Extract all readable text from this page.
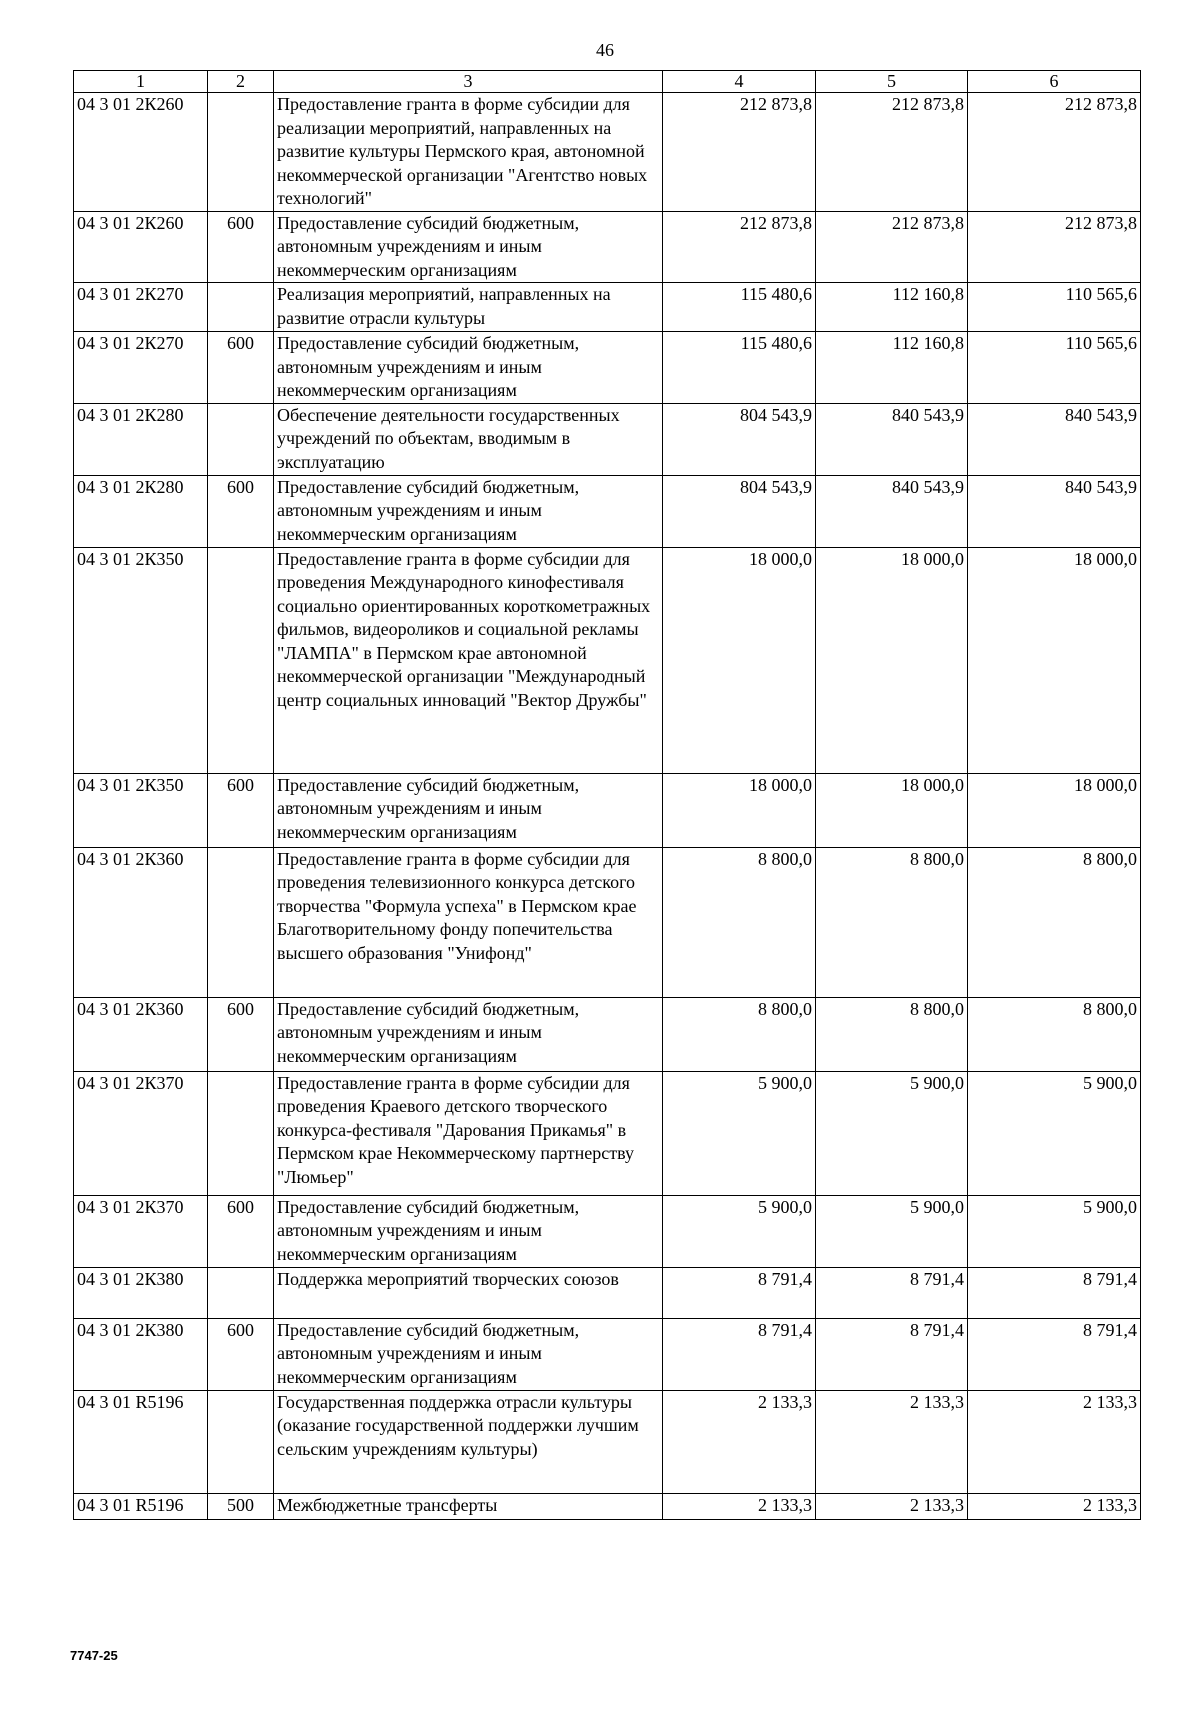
46
1	2	3	4	5	6
04 3 01 2К260		Предоставление гранта в форме субсидии для реализации мероприятий, направленных на развитие культуры Пермского края, автономной некоммерческой организации "Агентство новых технологий"	212 873,8	212 873,8	212 873,8
04 3 01 2К260	600	Предоставление субсидий бюджетным, автономным учреждениям и иным некоммерческим организациям	212 873,8	212 873,8	212 873,8
04 3 01 2К270		Реализация мероприятий, направленных на развитие отрасли культуры	115 480,6	112 160,8	110 565,6
04 3 01 2К270	600	Предоставление субсидий бюджетным, автономным учреждениям и иным некоммерческим организациям	115 480,6	112 160,8	110 565,6
04 3 01 2К280		Обеспечение деятельности государственных учреждений по объектам, вводимым в эксплуатацию	804 543,9	840 543,9	840 543,9
04 3 01 2К280	600	Предоставление субсидий бюджетным, автономным учреждениям и иным некоммерческим организациям	804 543,9	840 543,9	840 543,9
04 3 01 2К350		Предоставление гранта в форме субсидии для проведения Международного кинофестиваля социально ориентированных короткометражных фильмов, видеороликов и социальной рекламы "ЛАМПА" в Пермском крае автономной некоммерческой организации "Международный центр социальных инноваций "Вектор Дружбы"	18 000,0	18 000,0	18 000,0
04 3 01 2К350	600	Предоставление субсидий бюджетным, автономным учреждениям и иным некоммерческим организациям	18 000,0	18 000,0	18 000,0
04 3 01 2К360		Предоставление гранта в форме субсидии для проведения телевизионного конкурса детского творчества "Формула успеха" в Пермском крае Благотворительному фонду попечительства высшего образования "Унифонд"	8 800,0	8 800,0	8 800,0
04 3 01 2К360	600	Предоставление субсидий бюджетным, автономным учреждениям и иным некоммерческим организациям	8 800,0	8 800,0	8 800,0
04 3 01 2К370		Предоставление гранта в форме субсидии для проведения Краевого детского творческого конкурса-фестиваля "Дарования Прикамья" в Пермском крае Некоммерческому партнерству "Люмьер"	5 900,0	5 900,0	5 900,0
04 3 01 2К370	600	Предоставление субсидий бюджетным, автономным учреждениям и иным некоммерческим организациям	5 900,0	5 900,0	5 900,0
04 3 01 2К380		Поддержка мероприятий творческих союзов	8 791,4	8 791,4	8 791,4
04 3 01 2К380	600	Предоставление субсидий бюджетным, автономным учреждениям и иным некоммерческим организациям	8 791,4	8 791,4	8 791,4
04 3 01 R5196		Государственная поддержка отрасли культуры (оказание государственной поддержки лучшим сельским учреждениям культуры)	2 133,3	2 133,3	2 133,3
04 3 01 R5196	500	Межбюджетные трансферты	2 133,3	2 133,3	2 133,3
7747-25
